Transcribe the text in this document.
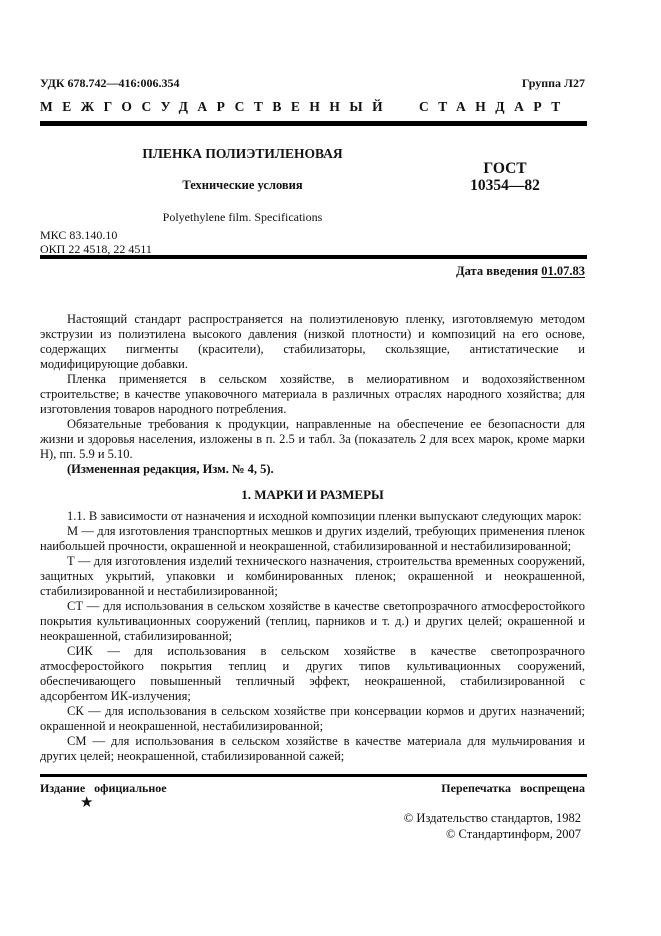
УДК 678.742—416:006.354	Группа Л27
МЕЖГОСУДАРСТВЕННЫЙ СТАНДАРТ

ПЛЕНКА ПОЛИЭТИЛЕНОВАЯ

Технические условия

Polyethylene film. Specifications

ГОСТ
10354—82
МКС 83.140.10
ОКП 22 4518, 22 4511
Дата введения 01.07.83

Настоящий стандарт распространяется на полиэтиленовую пленку, изготовляемую методом экструзии из полиэтилена высокого давления (низкой плотности) и композиций на его основе, содержащих пигменты (красители), стабилизаторы, скользящие, антистатические и модифицирующие добавки.

Пленка применяется в сельском хозяйстве, в мелиоративном и водохозяйственном строительстве; в качестве упаковочного материала в различных отраслях народного хозяйства; для изготовления товаров народного потребления.

Обязательные требования к продукции, направленные на обеспечение ее безопасности для жизни и здоровья населения, изложены в п. 2.5 и табл. 3а (показатель 2 для всех марок, кроме марки Н), пп. 5.9 и 5.10.

(Измененная редакция, Изм. № 4, 5).

1. МАРКИ И РАЗМЕРЫ

1.1. В зависимости от назначения и исходной композиции пленки выпускают следующих марок:

М — для изготовления транспортных мешков и других изделий, требующих применения пленок наибольшей прочности, окрашенной и неокрашенной, стабилизированной и нестабилизированной;

Т — для изготовления изделий технического назначения, строительства временных сооружений, защитных укрытий, упаковки и комбинированных пленок; окрашенной и неокрашенной, стабилизированной и нестабилизированной;

СТ — для использования в сельском хозяйстве в качестве светопрозрачного атмосферостойкого покрытия культивационных сооружений (теплиц, парников и т. д.) и других целей; окрашенной и неокрашенной, стабилизированной;

СИК — для использования в сельском хозяйстве в качестве светопрозрачного атмосферостойкого покрытия теплиц и других типов культивационных сооружений, обеспечивающего повышенный тепличный эффект, неокрашенной, стабилизированной с адсорбентом ИК-излучения;

СК — для использования в сельском хозяйстве при консервации кормов и других назначений; окрашенной и неокрашенной, нестабилизированной;

СМ — для использования в сельском хозяйстве в качестве материала для мульчирования и других целей; неокрашенной, стабилизированной сажей;

Издание официальное	Перепечатка воспрещена
★
© Издательство стандартов, 1982
© Стандартинформ, 2007
